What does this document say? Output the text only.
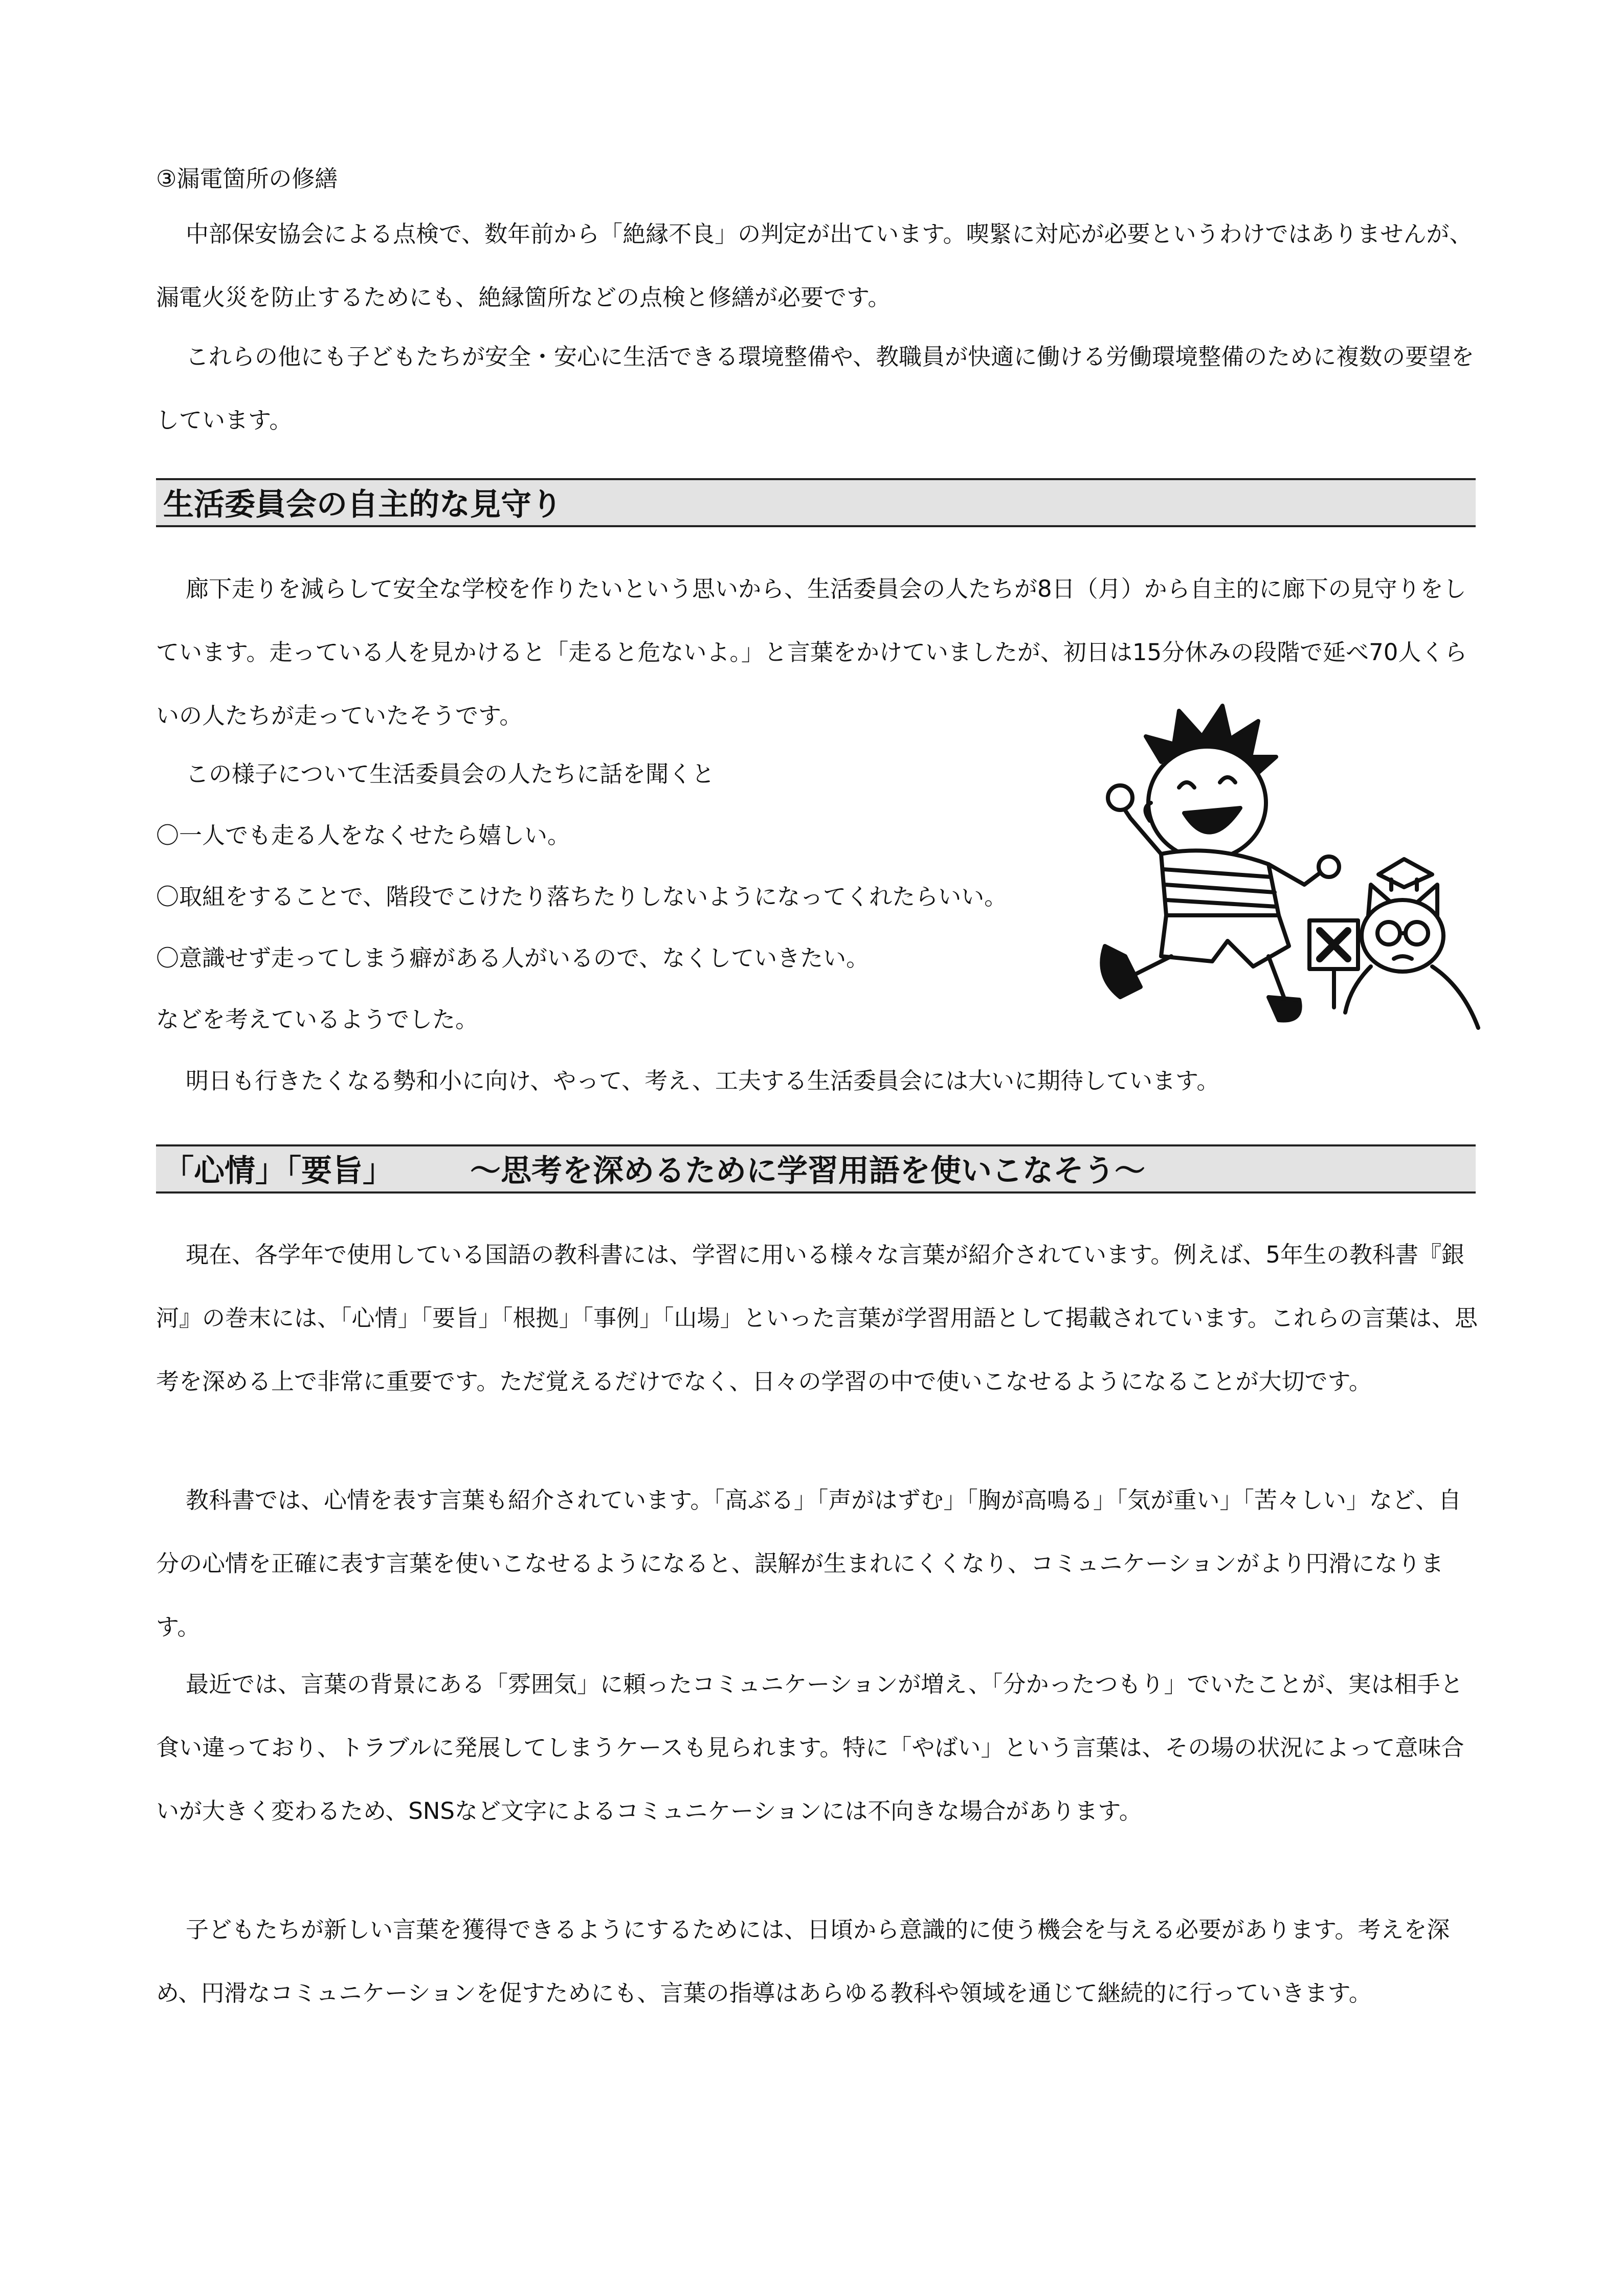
③漏電箇所の修繕

中部保安協会による点検で、数年前から「絶縁不良」の判定が出ています。喫緊に対応が必要というわけではありませんが、漏電火災を防止するためにも、絶縁箇所などの点検と修繕が必要です。

これらの他にも子どもたちが安全・安心に生活できる環境整備や、教職員が快適に働ける労働環境整備のために複数の要望をしています。

生活委員会の自主的な見守り

廊下走りを減らして安全な学校を作りたいという思いから、生活委員会の人たちが8日（月）から自主的に廊下の見守りをしています。走っている人を見かけると「走ると危ないよ。」と言葉をかけていましたが、初日は15分休みの段階で延べ70人くらいの人たちが走っていたそうです。

この様子について生活委員会の人たちに話を聞くと

〇一人でも走る人をなくせたら嬉しい。

〇取組をすることで、階段でこけたり落ちたりしないようになってくれたらいい。

〇意識せず走ってしまう癖がある人がいるので、なくしていきたい。

などを考えているようでした。

明日も行きたくなる勢和小に向け、やって、考え、工夫する生活委員会には大いに期待しています。

「心情」「要旨」	～思考を深めるために学習用語を使いこなそう～

現在、各学年で使用している国語の教科書には、学習に用いる様々な言葉が紹介されています。例えば、5年生の教科書『銀河』の巻末には、「心情」「要旨」「根拠」「事例」「山場」といった言葉が学習用語として掲載されています。これらの言葉は、思考を深める上で非常に重要です。ただ覚えるだけでなく、日々の学習の中で使いこなせるようになることが大切です。

教科書では、心情を表す言葉も紹介されています。「高ぶる」「声がはずむ」「胸が高鳴る」「気が重い」「苦々しい」など、自分の心情を正確に表す言葉を使いこなせるようになると、誤解が生まれにくくなり、コミュニケーションがより円滑になります。

最近では、言葉の背景にある「雰囲気」に頼ったコミュニケーションが増え、「分かったつもり」でいたことが、実は相手と食い違っており、トラブルに発展してしまうケースも見られます。特に「やばい」という言葉は、その場の状況によって意味合いが大きく変わるため、SNSなど文字によるコミュニケーションには不向きな場合があります。

子どもたちが新しい言葉を獲得できるようにするためには、日頃から意識的に使う機会を与える必要があります。考えを深め、円滑なコミュニケーションを促すためにも、言葉の指導はあらゆる教科や領域を通じて継続的に行っていきます。
